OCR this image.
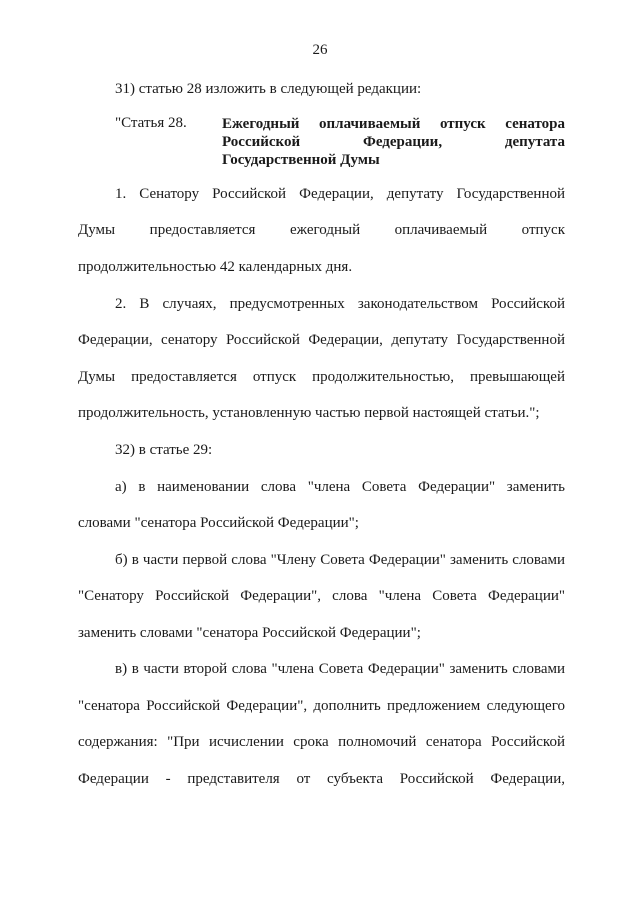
26
31) статью 28 изложить в следующей редакции:
"Статья 28. Ежегодный оплачиваемый отпуск сенатора
Российской Федерации, депутата
Государственной Думы
1. Сенатору Российской Федерации, депутату Государственной
Думы предоставляется ежегодный оплачиваемый отпуск
продолжительностью 42 календарных дня.
2. В случаях, предусмотренных законодательством Российской
Федерации, сенатору Российской Федерации, депутату Государственной
Думы предоставляется отпуск продолжительностью, превышающей
продолжительность, установленную частью первой настоящей статьи.";
32) в статье 29:
а) в наименовании слова "члена Совета Федерации" заменить
словами "сенатора Российской Федерации";
б) в части первой слова "Члену Совета Федерации" заменить словами
"Сенатору Российской Федерации", слова "члена Совета Федерации"
заменить словами "сенатора Российской Федерации";
в) в части второй слова "члена Совета Федерации" заменить словами
"сенатора Российской Федерации", дополнить предложением следующего
содержания: "При исчислении срока полномочий сенатора Российской
Федерации - представителя от субъекта Российской Федерации,
